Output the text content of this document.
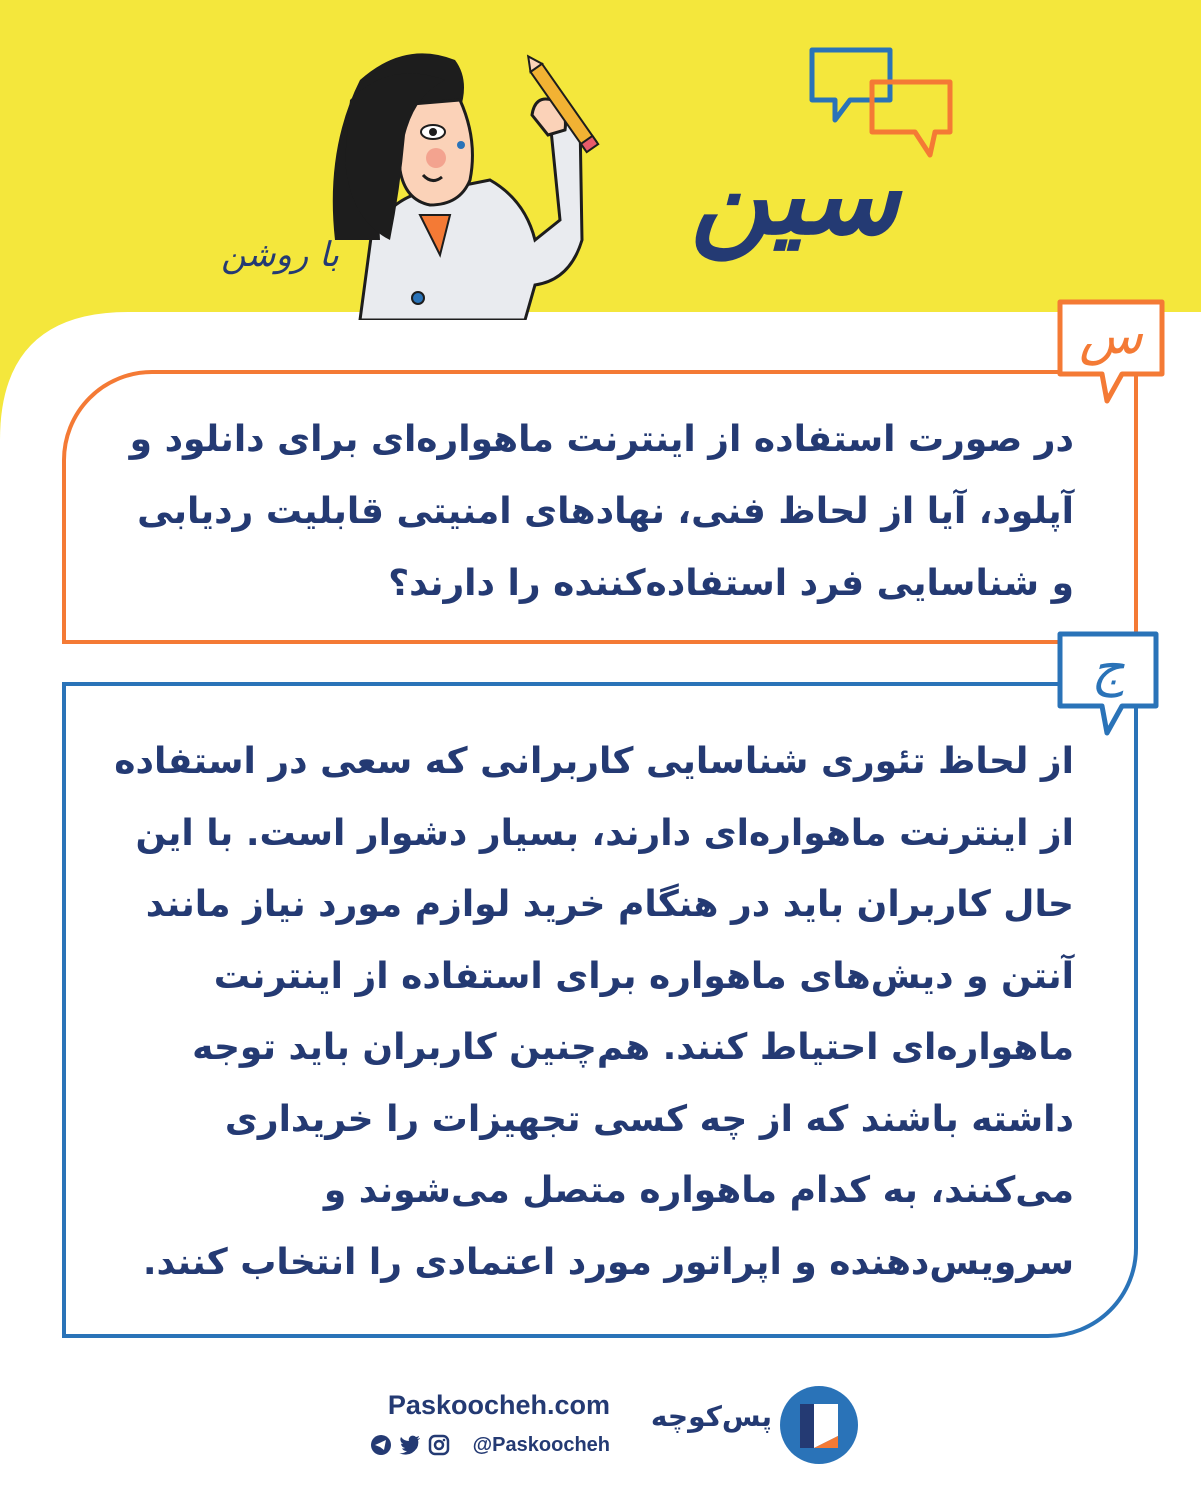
سین
با روشن
در صورت استفاده از اینترنت ماهواره‌ای برای دانلود و آپلود، آیا از لحاظ فنی، نهادهای امنیتی قابلیت ردیابی و شناسایی فرد استفاده‌کننده را دارند؟
س
از لحاظ تئوری شناسایی کاربرانی که سعی در استفاده از اینترنت ماهواره‌ای دارند، بسیار دشوار است. با این حال کاربران باید در هنگام خرید لوازم مورد نیاز مانند آنتن و دیش‌های ماهواره برای استفاده از اینترنت ماهواره‌ای احتیاط کنند. هم‌چنین کاربران باید توجه داشته باشند که از چه کسی تجهیزات را خریداری می‌کنند، به کدام ماهواره متصل می‌شوند و سرویس‌دهنده و اپراتور مورد اعتمادی را انتخاب کنند.
ج
Paskoocheh.com
@Paskoocheh
پس‌کوچه
